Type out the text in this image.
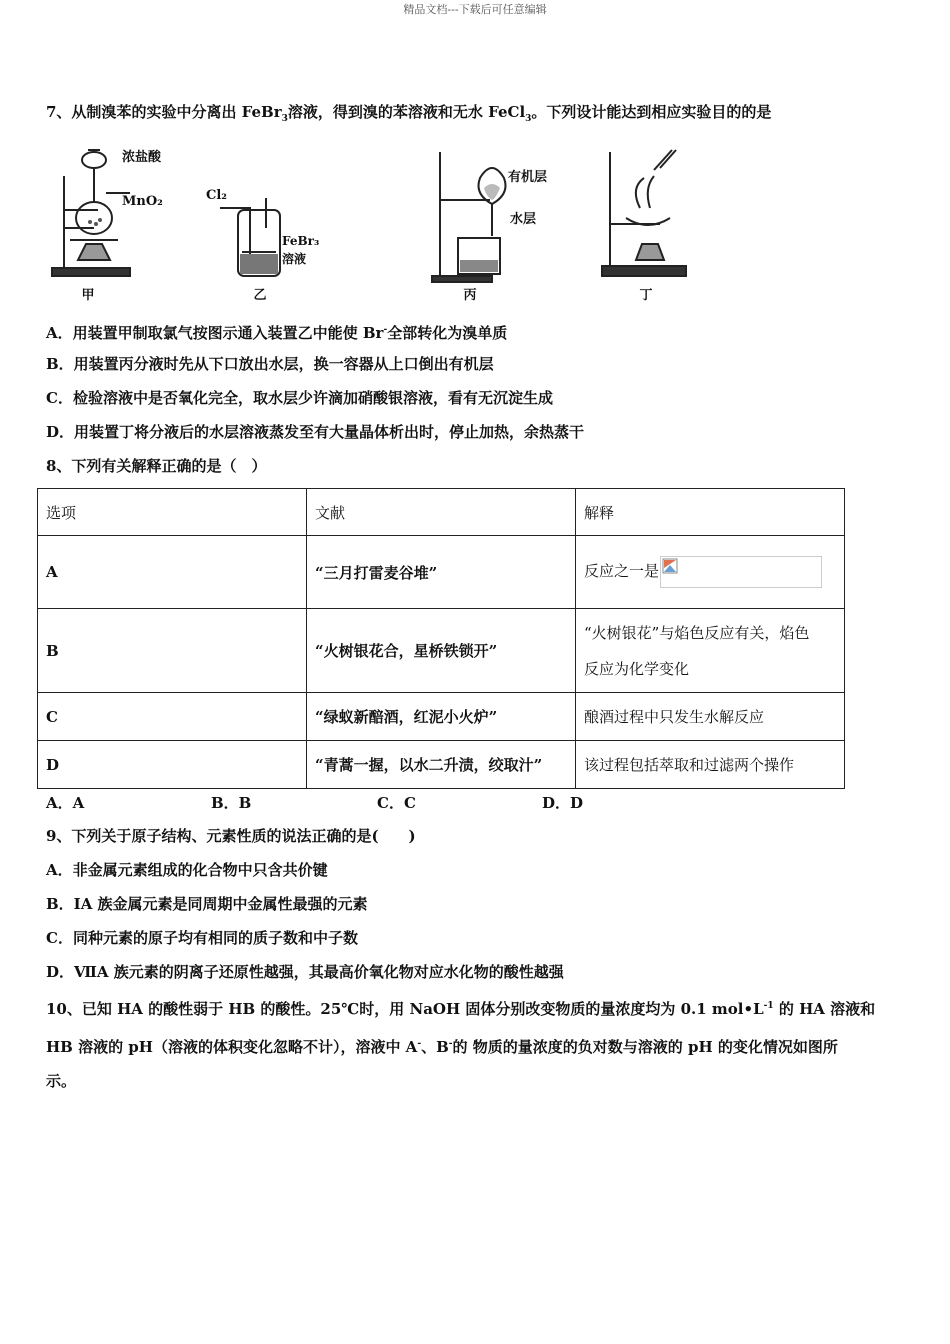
精品文档---下载后可任意编辑
7、从制溴苯的实验中分离出 FeBr$_3$溶液，得到溴的苯溶液和无水 FeCl$_3$。下列设计能达到相应实验目的的是
浓盐酸
MnO₂
甲
Cl₂
FeBr₃
溶液
乙
有机层
水层
丙	丁
A．用装置甲制取氯气按图示通入装置乙中能使 Br-全部转化为溴单质
B．用装置丙分液时先从下口放出水层，换一容器从上口倒出有机层
C．检验溶液中是否氧化完全，取水层少许滴加硝酸银溶液，看有无沉淀生成
D．用装置丁将分液后的水层溶液蒸发至有大量晶体析出时，停止加热，余热蒸干
8、下列有关解释正确的是（　）
选项	文献	解释
A	“三月打雷麦谷堆”	反应之一是

B	“火树银花合，星桥铁锁开”	“火树银花”与焰色反应有关，焰色
反应为化学变化

C	“绿蚁新醅酒，红泥小火炉”	酿酒过程中只发生水解反应
D	“青蒿一握，以水二升渍，绞取汁”	该过程包括萃取和过滤两个操作
A．A	B．B	C．C	D．D
9、下列关于原子结构、元素性质的说法正确的是(　　)
A．非金属元素组成的化合物中只含共价键
B．ⅠA 族金属元素是同周期中金属性最强的元素
C．同种元素的原子均有相同的质子数和中子数
D．ⅦA 族元素的阴离子还原性越强，其最高价氧化物对应水化物的酸性越强
10、已知 HA 的酸性弱于 HB 的酸性。25℃时，用 NaOH 固体分别改变物质的量浓度均为 0.1 $mol•L^{-1}$ 的 HA 溶液和
HB 溶液的 pH（溶液的体积变化忽略不计），溶液中 A-、B-的 物质的量浓度的负对数与溶液的 pH 的变化情况如图所
示。
